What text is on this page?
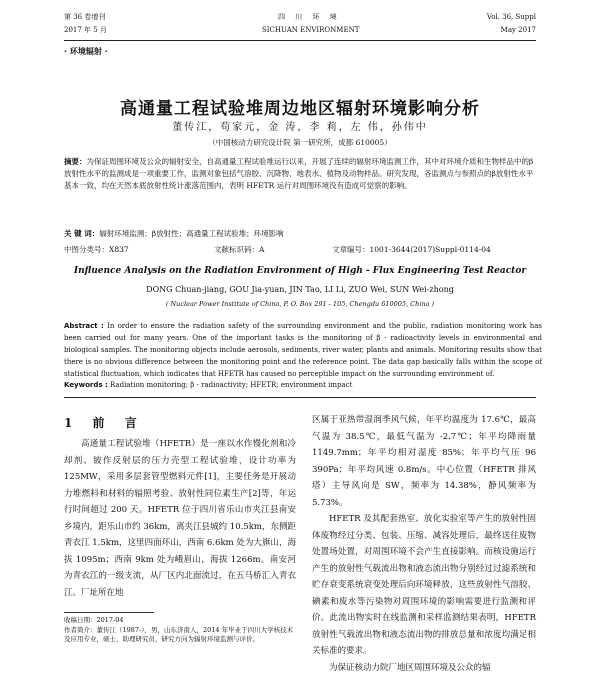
第 36 卷增刊
2017 年 5 月
四 川 环 境
SICHUAN ENVIRONMENT
Vol. 36, Suppl
May 2017
· 环境辐射 ·
高通量工程试验堆周边地区辐射环境影响分析
董传江，苟家元，金 涛，李 莉，左 伟，孙伟中
（中国核动力研究设计院 第一研究所，成都 610005）
摘要：为保证周围环境及公众的辐射安全，自高通量工程试验堆运行以来，开展了连续的辐射环境监测工作，其中对环境介质和生物样品中的β放射性水平的监测成是一项重要工作，监测对象包括气溶胶、沉降物、地表水、植物及动物样品。研究发现，各监测点与参照点的β放射性水平基本一致，均在天然本底放射性统计涨落范围内，表明 HFETR 运行对周围环境没有造成可觉察的影响。
关 键 词：辐射环境监测；β放射性；高通量工程试验堆；环境影响
中图分类号：X837	文献标识码：A	文章编号：1001-3644(2017)Suppl-0114-04
Influence Analysis on the Radiation Environment of High - Flux Engineering Test Reactor
DONG Chuan-jiang, GOU Jia-yuan, JIN Tao, LI Li, ZUO Wei, SUN Wei-zhong
( Nuclear Power Institute of China, P. O. Box 291 - 105, Chengdu 610005, China )
Abstract : In order to ensure the radiation safety of the surrounding environment and the public, radiation monitoring work has been carried out for many years. One of the important tasks is the monitoring of β - radioactivity levels in environmental and biological samples. The monitoring objects include aerosols, sediments, river water, plants and animals. Monitoring results show that there is no obvious difference between the monitoring point and the reference point. The data gap basically falls within the scope of statistical fluctuation, which indicates that HFETR has caused no perceptible impact on the surrounding environment of.
Keywords : Radiation monitoring; β - radioactivity; HFETR; environment impact
1 前 言
高通量工程试验堆（HFETR）是一座以水作慢化剂和冷却剂、铍作反射层的压力壳型工程试验堆，设计功率为 125MW，采用多层套管型燃料元件[1]，主要任务是开展动力堆燃料和材料的辐照考验、放射性同位素生产[2]等，年运行时间超过 200 天。HFETR 位于四川省乐山市夹江县南安乡境内，距乐山市约 36km，离夹江县城约 10.5km，东侧距青衣江 1.5km，这里四面环山，西南 6.6km 处为大旗山，海拔 1095m；西南 9km 处为峨眉山，海拔 1266m。南安河为青衣江的一级支流，从厂区内北面流过，在五马桥汇入青衣江。厂址所在地

区属于亚热带湿润季风气候，年平均温度为 17.6℃，最高气温为 38.5℃，最低气温为 -2.7℃；年平均降雨量 1149.7mm；年平均相对湿度 85%；年平均气压 96 390Pa；年平均风速 0.8m/s。中心位置（HFETR 排风塔）主导风向是 SW，频率为 14.38%，静风频率为 5.73%。

HFETR 及其配套热室、放化实验室等产生的放射性固体废物经过分类、包装、压缩、减容处理后，最终送往废物处置场处置，对周围环境不会产生直接影响。而核设施运行产生的放射性气载流出物和液态流出物分别经过过滤系统和贮存衰变系统衰变处理后向环境释放，这些放射性气溶胶、碘素和废水等污染物对周围环境的影响需要进行监测和评价。此流出物实时在线监测和采样监测结果表明，HFETR 放射性气载流出物和液态流出物的排放总量和浓度均满足相关标准的要求。

为保证核动力院厂地区周围环境及公众的辐

收稿日期：2017-04
作者简介：董传江（1987-），男，山东济南人，2014 年毕业于四川大学核技术及应用专业，硕士，助理研究员，研究方向为辐射环境监测与评价。
